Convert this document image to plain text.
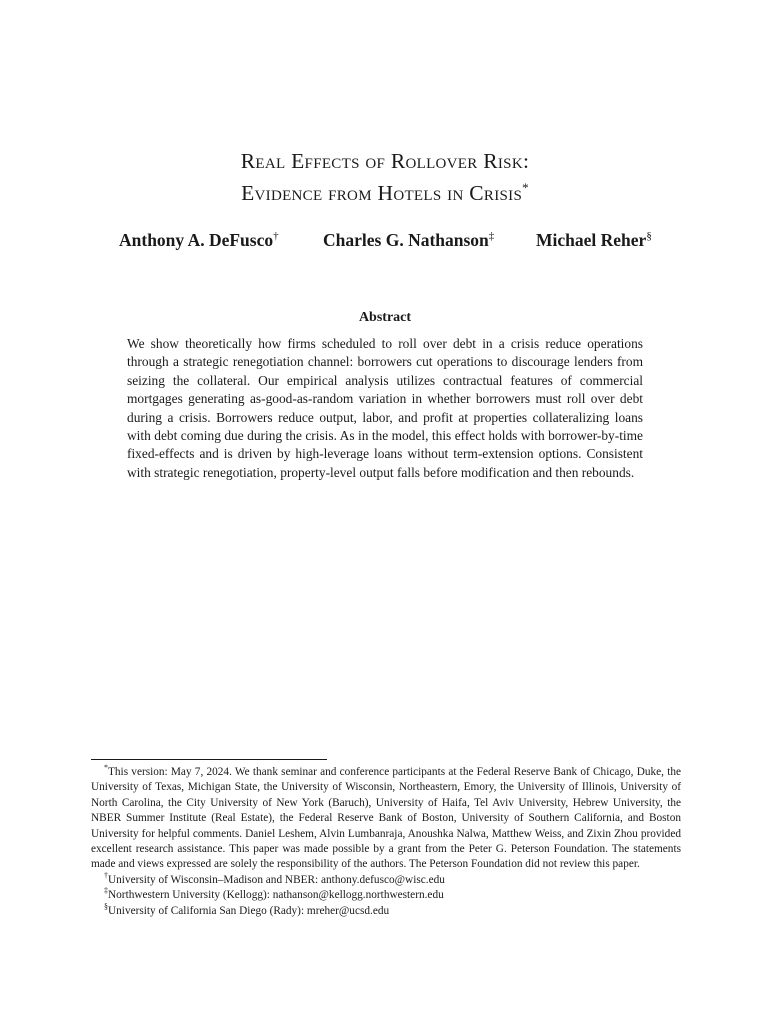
Real Effects of Rollover Risk:
Evidence from Hotels in Crisis*
Anthony A. DeFusco†	Charles G. Nathanson‡ Michael Reher§
Abstract
We show theoretically how firms scheduled to roll over debt in a crisis reduce operations through a strategic renegotiation channel: borrowers cut operations to discourage lenders from seizing the collateral. Our empirical analysis utilizes contractual features of commercial mortgages generating as-good-as-random variation in whether borrowers must roll over debt during a crisis. Borrowers reduce output, labor, and profit at properties collateralizing loans with debt coming due during the crisis. As in the model, this effect holds with borrower-by-time fixed-effects and is driven by high-leverage loans without term-extension options. Consistent with strategic renegotiation, property-level output falls before modification and then rebounds.

*This version: May 7, 2024. We thank seminar and conference participants at the Federal Reserve Bank of Chicago, Duke, the University of Texas, Michigan State, the University of Wisconsin, Northeastern, Emory, the University of Illinois, University of North Carolina, the City University of New York (Baruch), University of Haifa, Tel Aviv University, Hebrew University, the NBER Summer Institute (Real Estate), the Federal Reserve Bank of Boston, University of Southern California, and Boston University for helpful comments. Daniel Leshem, Alvin Lumbanraja, Anoushka Nalwa, Matthew Weiss, and Zixin Zhou provided excellent research assistance. This paper was made possible by a grant from the Peter G. Peterson Foundation. The statements made and views expressed are solely the responsibility of the authors. The Peterson Foundation did not review this paper.

†University of Wisconsin–Madison and NBER: anthony.defusco@wisc.edu

‡Northwestern University (Kellogg): nathanson@kellogg.northwestern.edu

§University of California San Diego (Rady): mreher@ucsd.edu
